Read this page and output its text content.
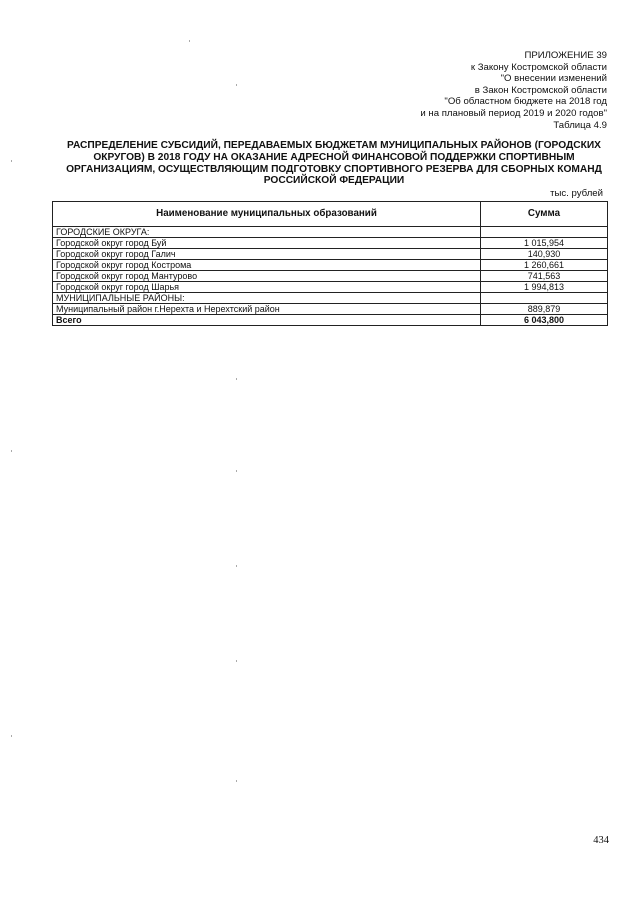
ПРИЛОЖЕНИЕ 39
к Закону Костромской области
"О внесении изменений
в Закон Костромской области
"Об областном бюджете на 2018 год
и на плановый период 2019 и 2020 годов"
Таблица 4.9
РАСПРЕДЕЛЕНИЕ СУБСИДИЙ, ПЕРЕДАВАЕМЫХ БЮДЖЕТАМ МУНИЦИПАЛЬНЫХ РАЙОНОВ (ГОРОДСКИХ ОКРУГОВ) В 2018 ГОДУ НА ОКАЗАНИЕ АДРЕСНОЙ ФИНАНСОВОЙ ПОДДЕРЖКИ СПОРТИВНЫМ ОРГАНИЗАЦИЯМ, ОСУЩЕСТВЛЯЮЩИМ ПОДГОТОВКУ СПОРТИВНОГО РЕЗЕРВА ДЛЯ СБОРНЫХ КОМАНД РОССИЙСКОЙ ФЕДЕРАЦИИ
тыс. рублей
Наименование муниципальных образований	Сумма
ГОРОДСКИЕ ОКРУГА:	
Городской округ город Буй	1 015,954
Городской округ город Галич	140,930
Городской округ город Кострома	1 260,661
Городской округ город Мантурово	741,563
Городской округ город Шарья	1 994,813
МУНИЦИПАЛЬНЫЕ РАЙОНЫ:	
Муниципальный район г.Нерехта и Нерехтский район	889,879
Всего	6 043,800
434
